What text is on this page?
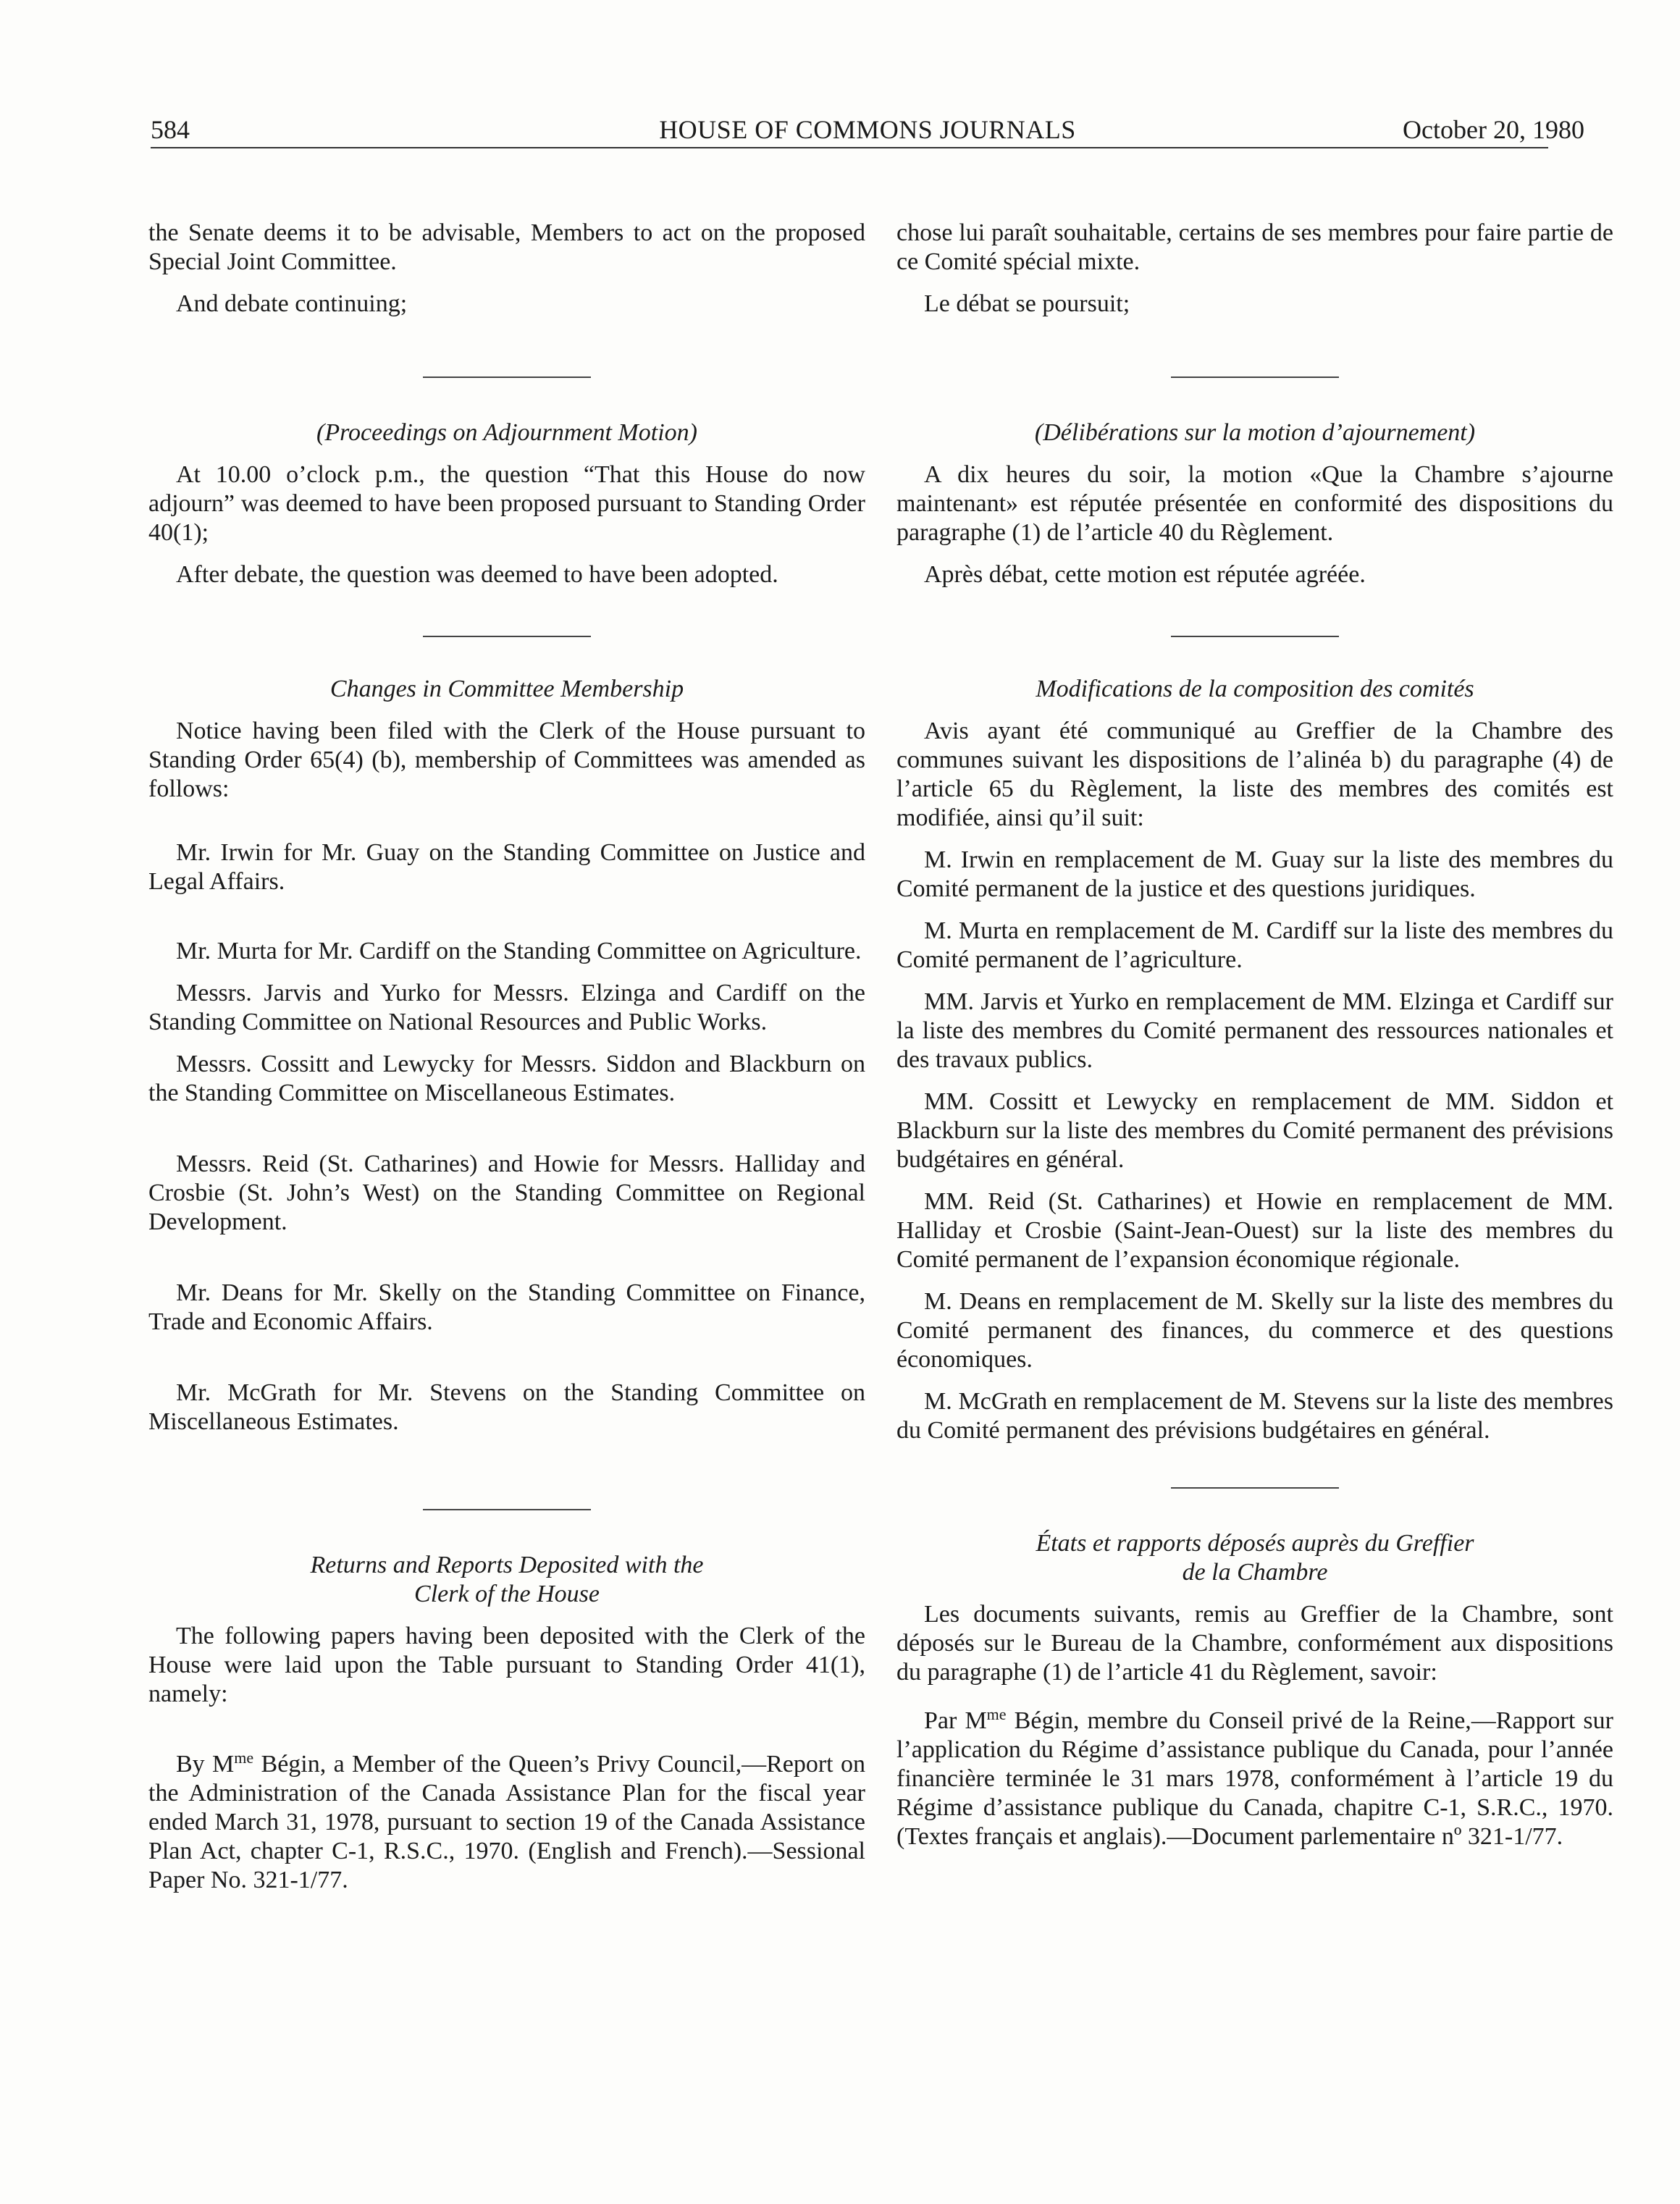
584	HOUSE OF COMMONS JOURNALS	October 20, 1980

the Senate deems it to be advisable, Members to act on the proposed Special Joint Committee.

And debate continuing;

(Proceedings on Adjournment Motion)

At 10.00 o’clock p.m., the question “That this House do now adjourn” was deemed to have been proposed pursuant to Standing Order 40(1);

After debate, the question was deemed to have been adopted.

Changes in Committee Membership

Notice having been filed with the Clerk of the House pursuant to Standing Order 65(4) (b), membership of Committees was amended as follows:

Mr. Irwin for Mr. Guay on the Standing Committee on Justice and Legal Affairs.

Mr. Murta for Mr. Cardiff on the Standing Committee on Agriculture.

Messrs. Jarvis and Yurko for Messrs. Elzinga and Cardiff on the Standing Committee on National Resources and Public Works.

Messrs. Cossitt and Lewycky for Messrs. Siddon and Blackburn on the Standing Committee on Miscellaneous Estimates.

Messrs. Reid (St. Catharines) and Howie for Messrs. Halliday and Crosbie (St. John’s West) on the Standing Committee on Regional Development.

Mr. Deans for Mr. Skelly on the Standing Committee on Finance, Trade and Economic Affairs.

Mr. McGrath for Mr. Stevens on the Standing Committee on Miscellaneous Estimates.

Returns and Reports Deposited with the
Clerk of the House

The following papers having been deposited with the Clerk of the House were laid upon the Table pursuant to Standing Order 41(1), namely:

By $M^{me}$ Bégin, a Member of the Queen’s Privy Council,—Report on the Administration of the Canada Assistance Plan for the fiscal year ended March 31, 1978, pursuant to section 19 of the Canada Assistance Plan Act, chapter C-1, R.S.C., 1970. (English and French).—Sessional Paper No. 321-1/77.

chose lui paraît souhaitable, certains de ses membres pour faire partie de ce Comité spécial mixte.

Le débat se poursuit;

(Délibérations sur la motion d’ajournement)

A dix heures du soir, la motion «Que la Chambre s’ajourne maintenant» est réputée présentée en conformité des dispositions du paragraphe (1) de l’article 40 du Règlement.

Après débat, cette motion est réputée agréée.

Modifications de la composition des comités

Avis ayant été communiqué au Greffier de la Chambre des communes suivant les dispositions de l’alinéa b) du paragraphe (4) de l’article 65 du Règlement, la liste des membres des comités est modifiée, ainsi qu’il suit:

M. Irwin en remplacement de M. Guay sur la liste des membres du Comité permanent de la justice et des questions juridiques.

M. Murta en remplacement de M. Cardiff sur la liste des membres du Comité permanent de l’agriculture.

MM. Jarvis et Yurko en remplacement de MM. Elzinga et Cardiff sur la liste des membres du Comité permanent des ressources nationales et des travaux publics.

MM. Cossitt et Lewycky en remplacement de MM. Siddon et Blackburn sur la liste des membres du Comité permanent des prévisions budgétaires en général.

MM. Reid (St. Catharines) et Howie en remplacement de MM. Halliday et Crosbie (Saint-Jean-Ouest) sur la liste des membres du Comité permanent de l’expansion économique régionale.

M. Deans en remplacement de M. Skelly sur la liste des membres du Comité permanent des finances, du commerce et des questions économiques.

M. McGrath en remplacement de M. Stevens sur la liste des membres du Comité permanent des prévisions budgétaires en général.

États et rapports déposés auprès du Greffier
de la Chambre

Les documents suivants, remis au Greffier de la Chambre, sont déposés sur le Bureau de la Chambre, conformément aux dispositions du paragraphe (1) de l’article 41 du Règlement, savoir:

Par $M^{me}$ Bégin, membre du Conseil privé de la Reine,—Rapport sur l’application du Régime d’assistance publique du Canada, pour l’année financière terminée le 31 mars 1978, conformément à l’article 19 du Régime d’assistance publique du Canada, chapitre C-1, S.R.C., 1970. (Textes français et anglais).—Document parlementaire nº 321-1/77.
